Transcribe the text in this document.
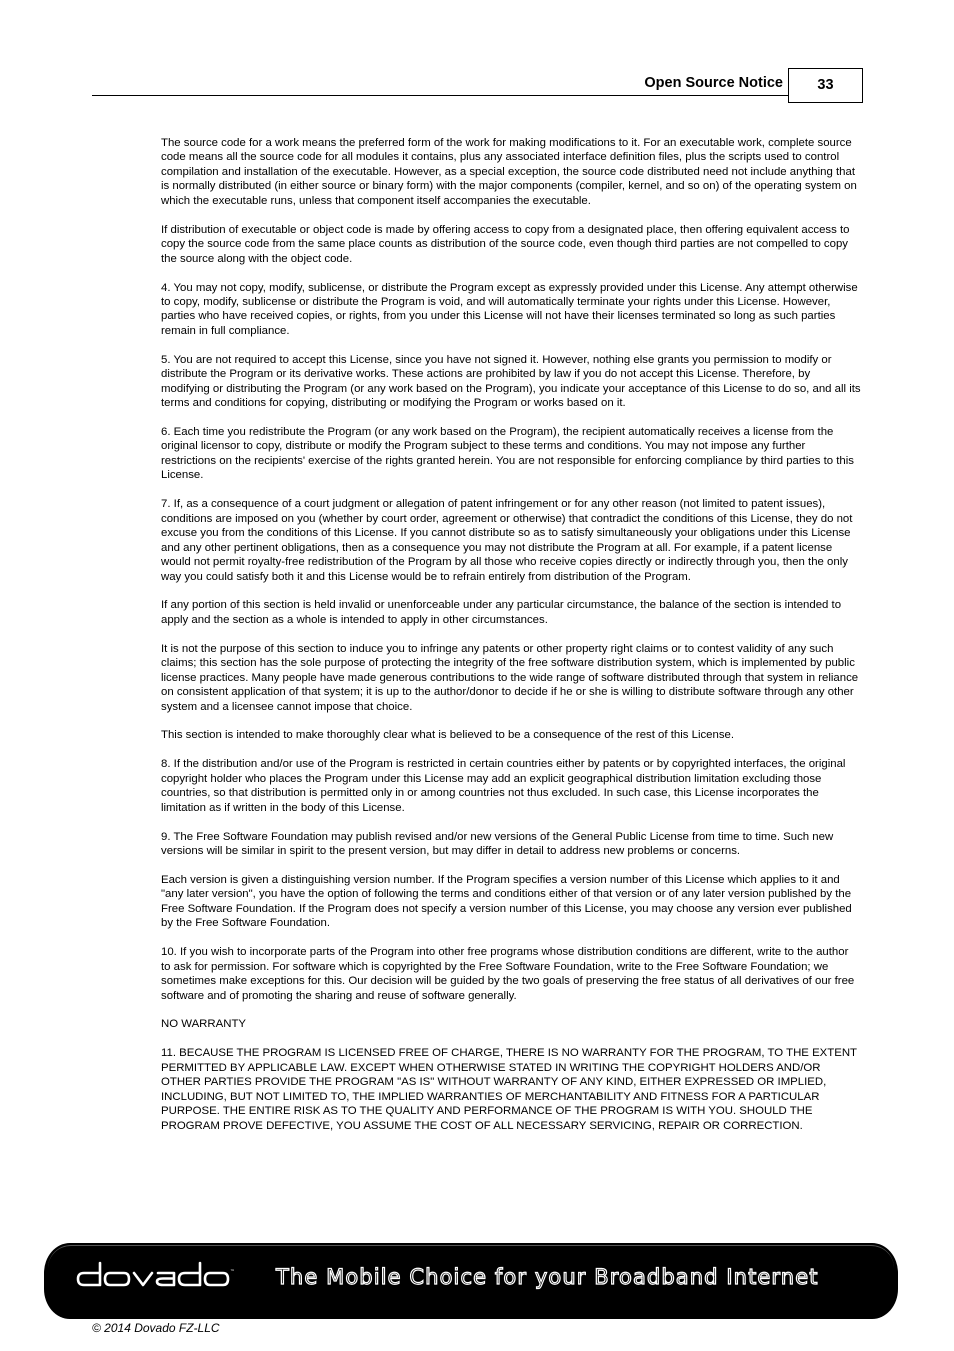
Open Source Notice	33

The source code for a work means the preferred form of the work for making modifications to it. For an executable work, complete source code means all the source code for all modules it contains, plus any associated interface definition files, plus the scripts used to control compilation and installation of the executable. However, as a special exception, the source code distributed need not include anything that is normally distributed (in either source or binary form) with the major components (compiler, kernel, and so on) of the operating system on which the executable runs, unless that component itself accompanies the executable.

If distribution of executable or object code is made by offering access to copy from a designated place, then offering equivalent access to copy the source code from the same place counts as distribution of the source code, even though third parties are not compelled to copy the source along with the object code.

4. You may not copy, modify, sublicense, or distribute the Program except as expressly provided under this License. Any attempt otherwise to copy, modify, sublicense or distribute the Program is void, and will automatically terminate your rights under this License. However, parties who have received copies, or rights, from you under this License will not have their licenses terminated so long as such parties remain in full compliance.

5. You are not required to accept this License, since you have not signed it. However, nothing else grants you permission to modify or distribute the Program or its derivative works. These actions are prohibited by law if you do not accept this License. Therefore, by modifying or distributing the Program (or any work based on the Program), you indicate your acceptance of this License to do so, and all its terms and conditions for copying, distributing or modifying the Program or works based on it.

6. Each time you redistribute the Program (or any work based on the Program), the recipient automatically receives a license from the original licensor to copy, distribute or modify the Program subject to these terms and conditions. You may not impose any further restrictions on the recipients' exercise of the rights granted herein. You are not responsible for enforcing compliance by third parties to this License.

7. If, as a consequence of a court judgment or allegation of patent infringement or for any other reason (not limited to patent issues), conditions are imposed on you (whether by court order, agreement or otherwise) that contradict the conditions of this License, they do not excuse you from the conditions of this License. If you cannot distribute so as to satisfy simultaneously your obligations under this License and any other pertinent obligations, then as a consequence you may not distribute the Program at all. For example, if a patent license would not permit royalty-free redistribution of the Program by all those who receive copies directly or indirectly through you, then the only way you could satisfy both it and this License would be to refrain entirely from distribution of the Program.

If any portion of this section is held invalid or unenforceable under any particular circumstance, the balance of the section is intended to apply and the section as a whole is intended to apply in other circumstances.

It is not the purpose of this section to induce you to infringe any patents or other property right claims or to contest validity of any such claims; this section has the sole purpose of protecting the integrity of the free software distribution system, which is implemented by public license practices. Many people have made generous contributions to the wide range of software distributed through that system in reliance on consistent application of that system; it is up to the author/donor to decide if he or she is willing to distribute software through any other system and a licensee cannot impose that choice.

This section is intended to make thoroughly clear what is believed to be a consequence of the rest of this License.

8. If the distribution and/or use of the Program is restricted in certain countries either by patents or by copyrighted interfaces, the original copyright holder who places the Program under this License may add an explicit geographical distribution limitation excluding those countries, so that distribution is permitted only in or among countries not thus excluded. In such case, this License incorporates the limitation as if written in the body of this License.

9. The Free Software Foundation may publish revised and/or new versions of the General Public License from time to time. Such new versions will be similar in spirit to the present version, but may differ in detail to address new problems or concerns.

Each version is given a distinguishing version number. If the Program specifies a version number of this License which applies to it and "any later version", you have the option of following the terms and conditions either of that version or of any later version published by the Free Software Foundation. If the Program does not specify a version number of this License, you may choose any version ever published by the Free Software Foundation.

10. If you wish to incorporate parts of the Program into other free programs whose distribution conditions are different, write to the author to ask for permission. For software which is copyrighted by the Free Software Foundation, write to the Free Software Foundation; we sometimes make exceptions for this. Our decision will be guided by the two goals of preserving the free status of all derivatives of our free software and of promoting the sharing and reuse of software generally.

NO WARRANTY

11. BECAUSE THE PROGRAM IS LICENSED FREE OF CHARGE, THERE IS NO WARRANTY FOR THE PROGRAM, TO THE EXTENT PERMITTED BY APPLICABLE LAW. EXCEPT WHEN OTHERWISE STATED IN WRITING THE COPYRIGHT HOLDERS AND/OR OTHER PARTIES PROVIDE THE PROGRAM "AS IS" WITHOUT WARRANTY OF ANY KIND, EITHER EXPRESSED OR IMPLIED, INCLUDING, BUT NOT LIMITED TO, THE IMPLIED WARRANTIES OF MERCHANTABILITY AND FITNESS FOR A PARTICULAR PURPOSE. THE ENTIRE RISK AS TO THE QUALITY AND PERFORMANCE OF THE PROGRAM IS WITH YOU. SHOULD THE PROGRAM PROVE DEFECTIVE, YOU ASSUME THE COST OF ALL NECESSARY SERVICING, REPAIR OR CORRECTION.

™ The Mobile Choice for your Broadband Internet
© 2014 Dovado FZ-LLC
